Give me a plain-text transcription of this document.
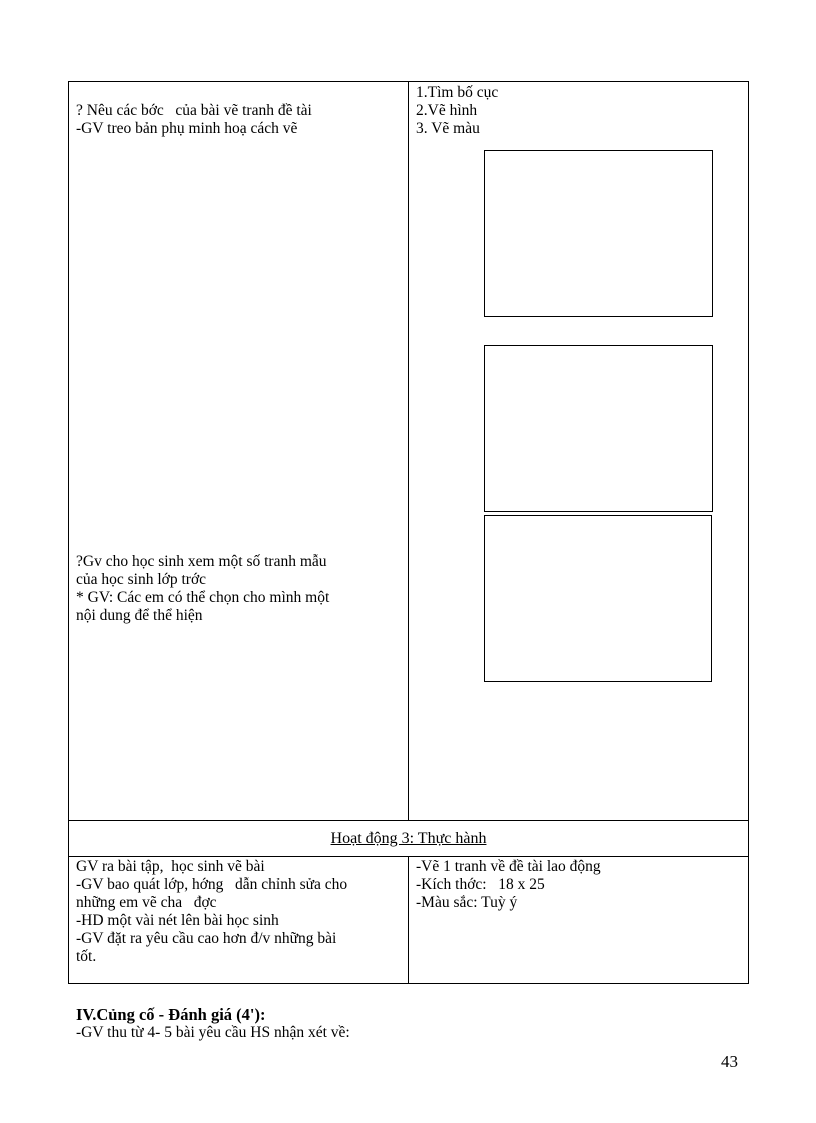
? Nêu các bớc   của bài vẽ tranh đề tài
-GV treo bản phụ minh hoạ cách vẽ
?Gv cho học sinh xem một số tranh mẫu
của học sinh lớp trớc
* GV: Các em có thể chọn cho mình một
nội dung để thể hiện
1.Tìm bố cục
2.Vẽ hình
3. Vẽ màu
Hoạt động 3: Thực hành
GV ra bài tập,  học sinh vẽ bài
-GV bao quát lớp, hớng   dẫn chỉnh sửa cho
những em vẽ cha   đợc
-HD một vài nét lên bài học sinh
-GV đặt ra yêu cầu cao hơn đ/v những bài
tốt.
-Vẽ 1 tranh về đề tài lao động
-Kích thớc:   18 x 25
-Màu sắc: Tuỳ ý
IV.Củng cố - Đánh giá (4'):
-GV thu từ 4- 5 bài yêu cầu HS nhận xét về:
43
